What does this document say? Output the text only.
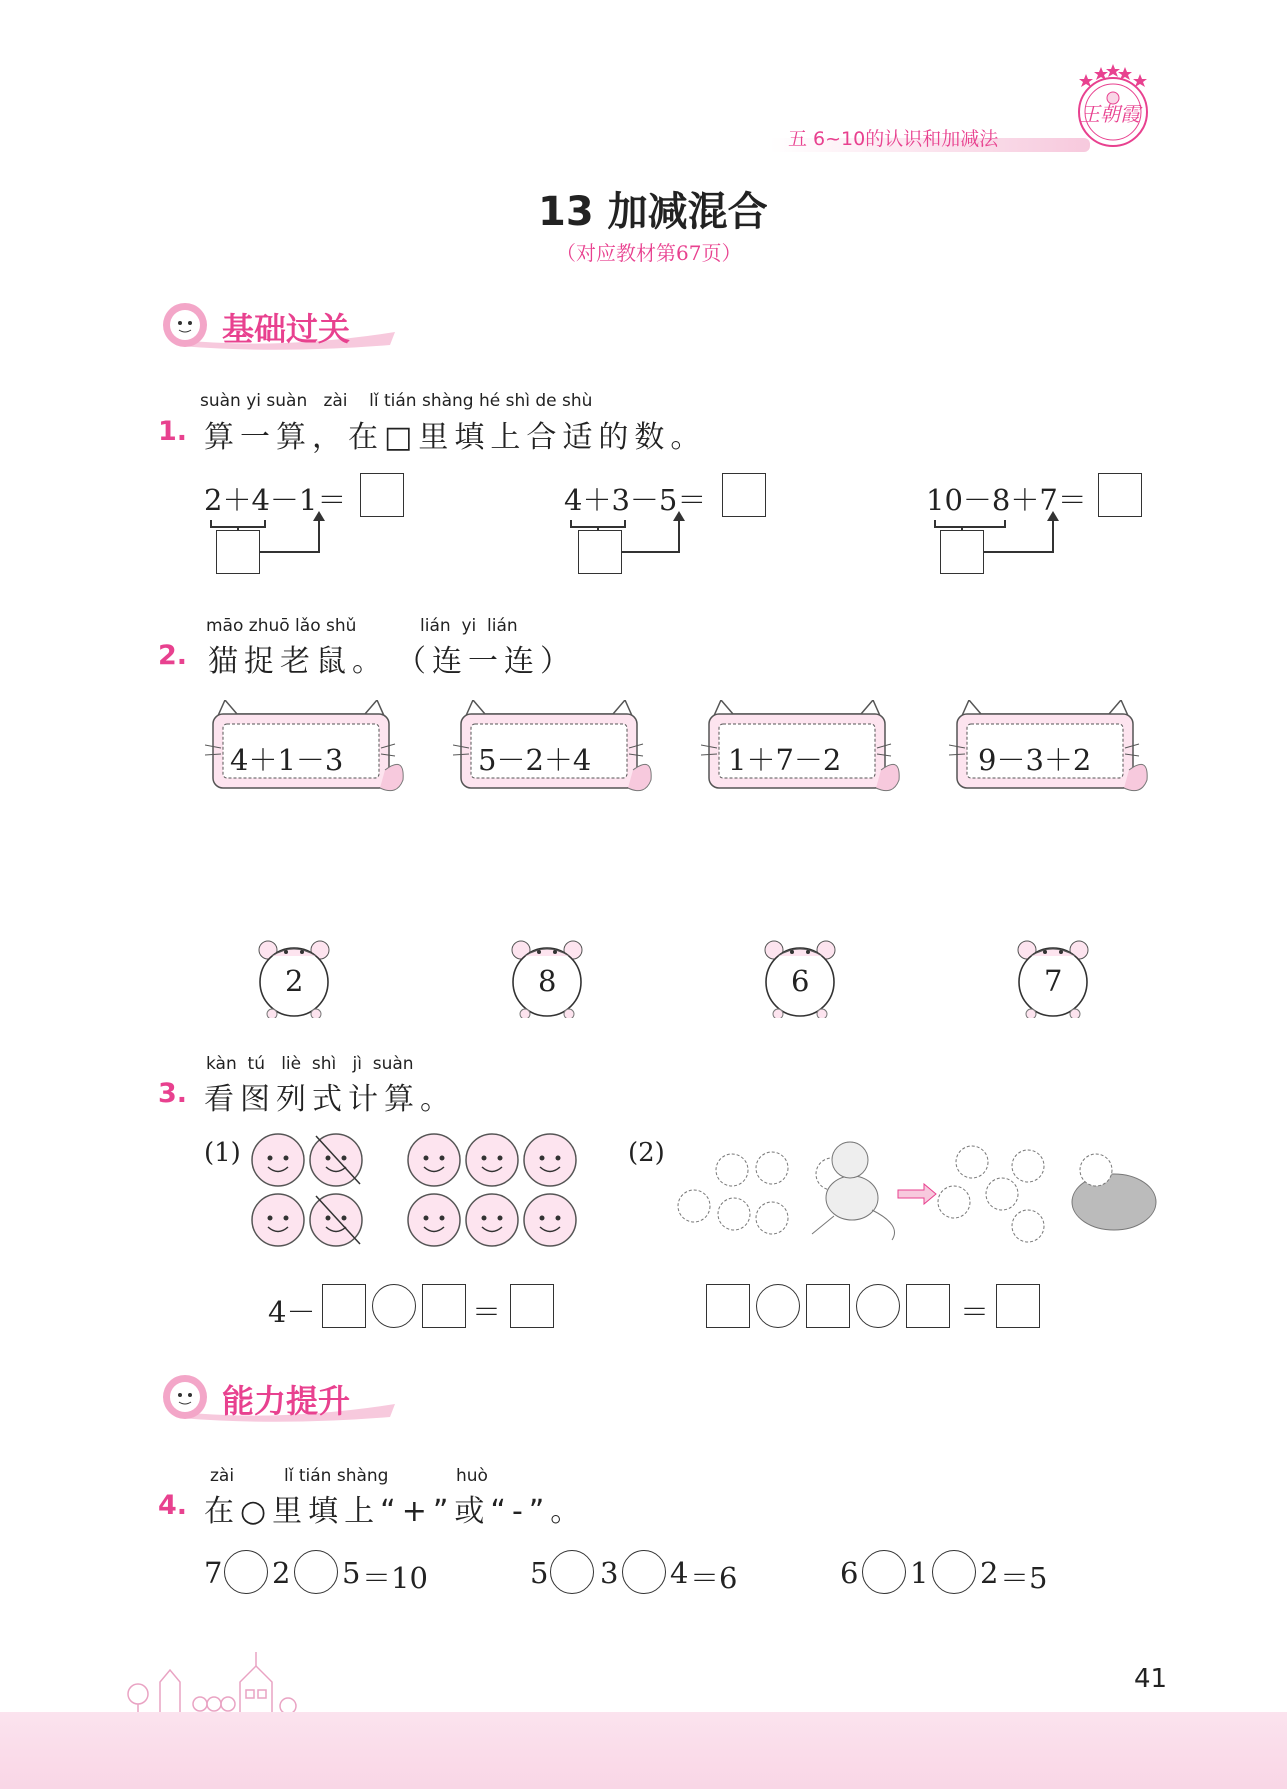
五 6~10的认识和加减法
王朝霞
13 加减混合
（对应教材第67页）
基础过关
suàn yi suàn   zài    lǐ tián shàng hé shì de shù
1. 算一算，在□里填上合适的数。
2＋4－1＝	4＋3－5＝	10－8＋7＝
māo zhuō lǎo shǔ	lián  yi  lián
2. 猫捉老鼠。 （连一连）
4＋1－3	5－2＋4	1＋7－2	9－3＋2
2	8	6	7
kàn  tú   liè  shì   jì  suàn
3. 看图列式计算。
(1)	(2)
4－	＝	＝
能力提升
zài	lǐ tián shàng	huò
4. 在○里填上“+”或“-”。
7 2 5 ＝10	5 3 4 ＝6	6 1 2 ＝5
41
